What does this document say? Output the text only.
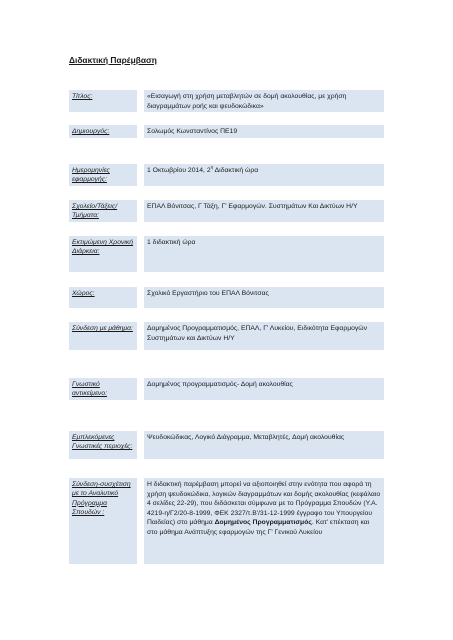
Διδακτική Παρέμβαση
Τίτλος:	«Εισαγωγή στη χρήση μεταβλητών σε δομή ακολουθίας, με χρήση διαγραμμάτων ροής και ψευδοκώδικα»
Δημιουργός:	Σολωμός Κωνσταντίνος ΠΕ19
Ημερομηνίες εφαρμογής:
1 Οκτωβρίου 2014, $2^\eta$ Διδακτική ώρα
Σχολείο/Τάξεις/ Τμήματα:
ΕΠΑΛ Βόνιτσας, Γ Τάξη, Γ' Εφαρμογών. Συστημάτων Και Δικτύων Η/Υ
Εκτιμώμενη Χρονική Διάρκεια:
1 διδακτική ώρα
Χώρος:	Σχολικό Εργαστήριο του ΕΠΑΛ Βόνιτσας
Σύνδεση με μάθημα:	Δομημένος Προγραμματισμός, ΕΠΑΛ, Γ' Λυκείου, Ειδικότητα Εφαρμογών Συστημάτων και Δικτύων Η/Υ
Γνωστικό αντικείμενο:
Δομημένος προγραμματισμός- Δομή ακολουθίας
Εμπλεκόμενες Γνωστικές περιοχές:
Ψευδοκώδικας, Λογικό Διάγραμμα, Μεταβλητές, Δομή ακολουθίας
Σύνδεση-συσχέτιση με το Αναλυτικό Πρόγραμμα Σπουδών :
Η διδακτική παρέμβαση μπορεί να αξιοποιηθεί στην ενότητα που αφορά τη χρήση ψευδοκώδικα, λογικών διαγραμμάτων και δομής ακολουθίας (κεφάλαιο 4 σελίδες 22-29), που διδάσκεται σύμφωνα με το Πρόγραμμα Σπουδών (Υ.Α. 4219-η/Γ2/20-8-1999, ΦΕΚ 2327/τ.Β'/31-12-1999 έγγραφο του Υπουργείου Παιδείας) στο μάθημα Δομημένος Προγραμματισμός. Κατ' επέκταση και στο μάθημα Ανάπτυξης εφαρμογών της Γ' Γενικού Λυκείου
